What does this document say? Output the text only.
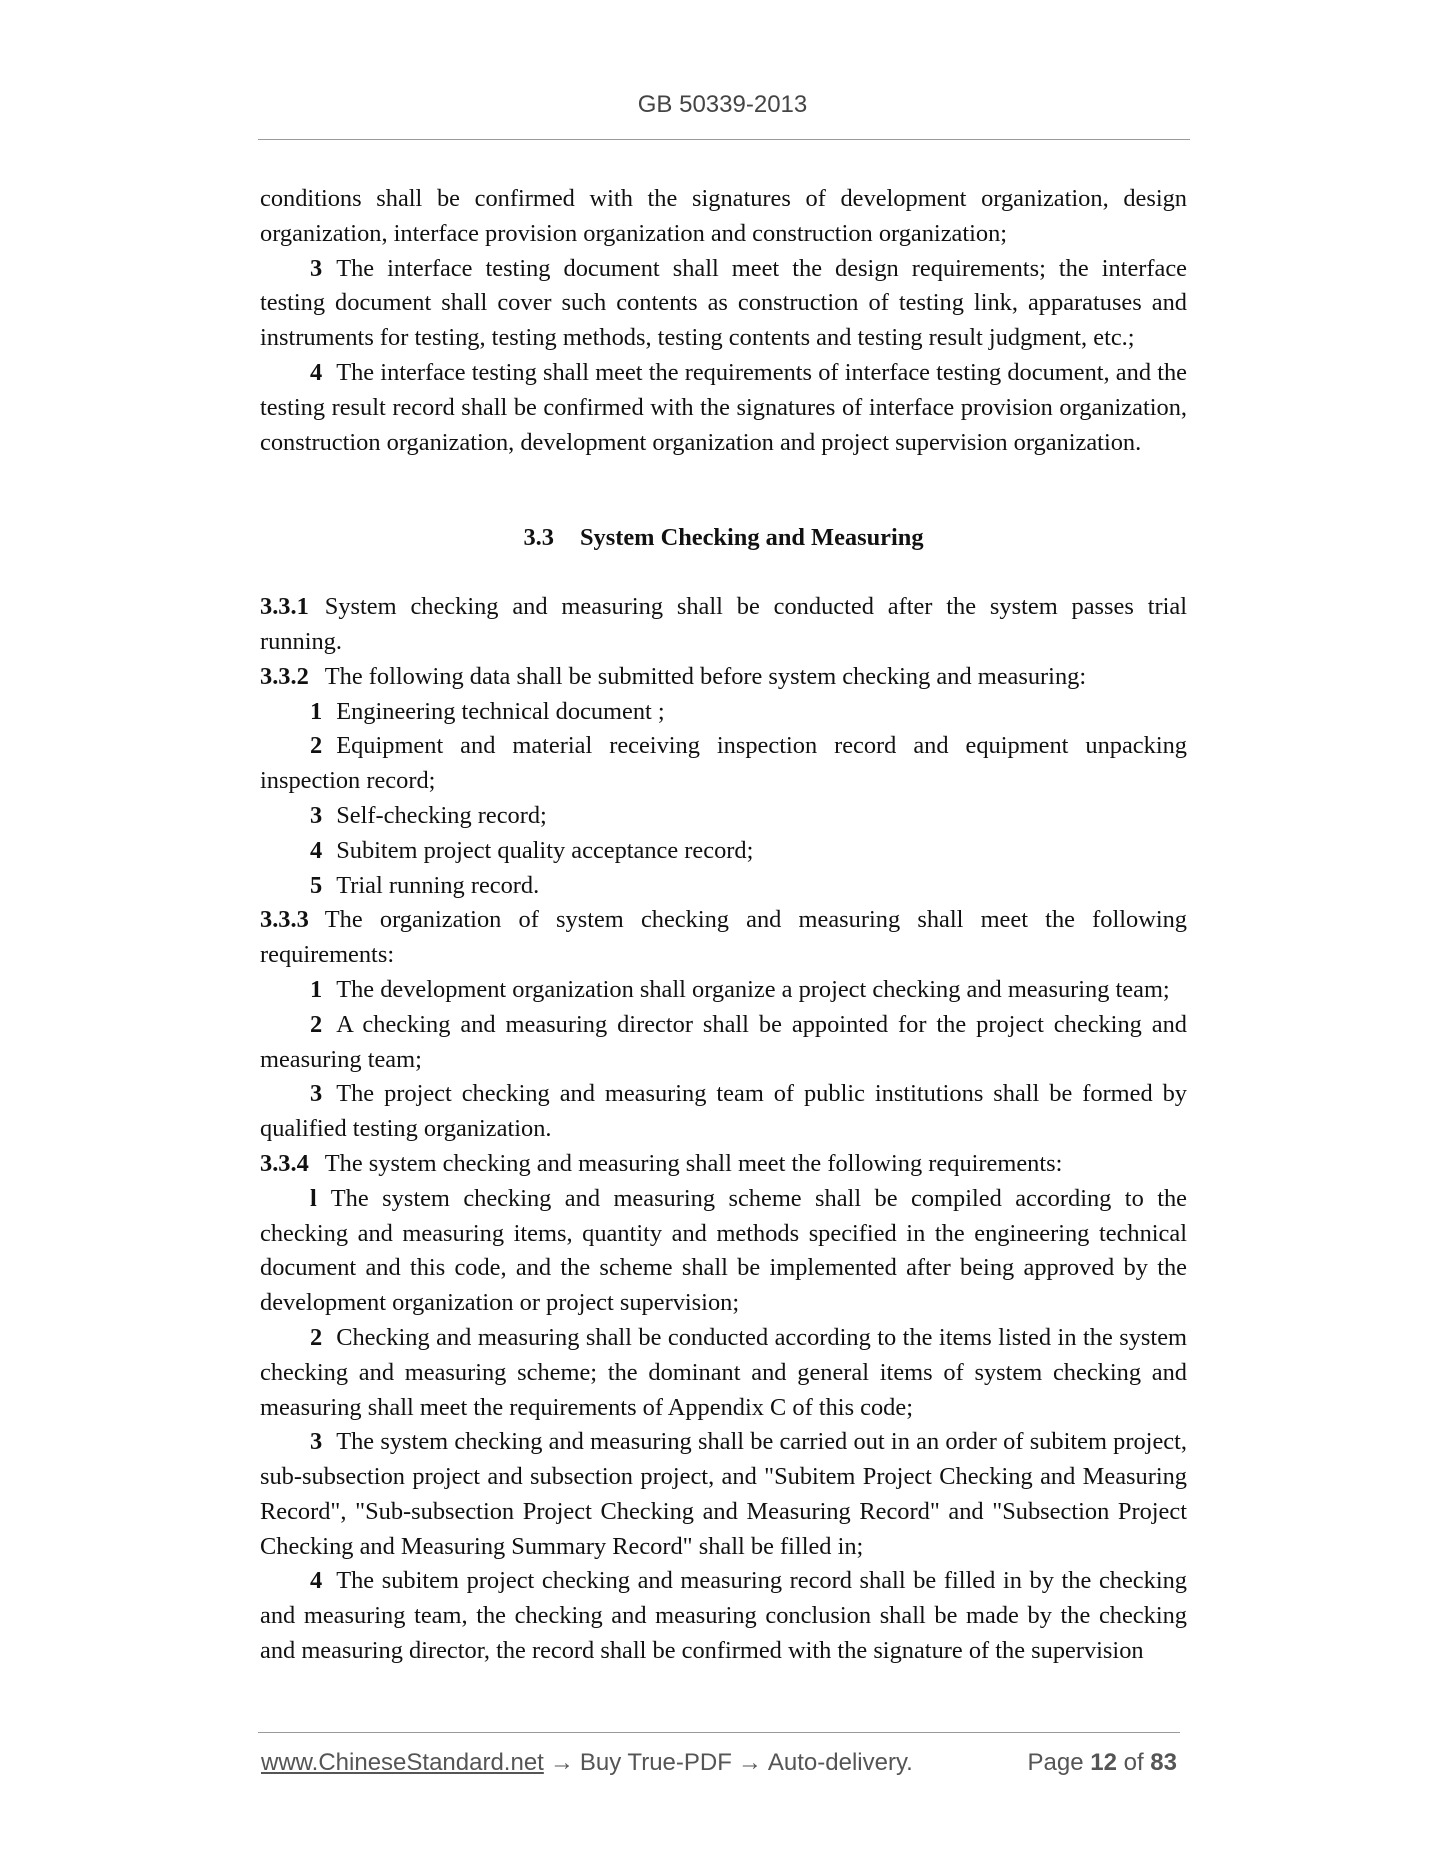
GB 50339-2013

conditions shall be confirmed with the signatures of development organization, design organization, interface provision organization and construction organization;

3 The interface testing document shall meet the design requirements; the interface testing document shall cover such contents as construction of testing link, apparatuses and instruments for testing, testing methods, testing contents and testing result judgment, etc.;

4 The interface testing shall meet the requirements of interface testing document, and the testing result record shall be confirmed with the signatures of interface provision organization, construction organization, development organization and project supervision organization.

3.3 System Checking and Measuring

3.3.1 System checking and measuring shall be conducted after the system passes trial running.

3.3.2 The following data shall be submitted before system checking and measuring:

1 Engineering technical document ;

2 Equipment and material receiving inspection record and equipment unpacking inspection record;

3 Self-checking record;

4 Subitem project quality acceptance record;

5 Trial running record.

3.3.3 The organization of system checking and measuring shall meet the following requirements:

1 The development organization shall organize a project checking and measuring team;

2 A checking and measuring director shall be appointed for the project checking and measuring team;

3 The project checking and measuring team of public institutions shall be formed by qualified testing organization.

3.3.4 The system checking and measuring shall meet the following requirements:

l The system checking and measuring scheme shall be compiled according to the checking and measuring items, quantity and methods specified in the engineering technical document and this code, and the scheme shall be implemented after being approved by the development organization or project supervision;

2 Checking and measuring shall be conducted according to the items listed in the system checking and measuring scheme; the dominant and general items of system checking and measuring shall meet the requirements of Appendix C of this code;

3 The system checking and measuring shall be carried out in an order of subitem project, sub-subsection project and subsection project, and "Subitem Project Checking and Measuring Record", "Sub-subsection Project Checking and Measuring Record" and "Subsection Project Checking and Measuring Summary Record" shall be filled in;

4 The subitem project checking and measuring record shall be filled in by the checking and measuring team, the checking and measuring conclusion shall be made by the checking and measuring director, the record shall be confirmed with the signature of the supervision

www.ChineseStandard.net → Buy True-PDF → Auto-delivery.	Page 12 of 83
